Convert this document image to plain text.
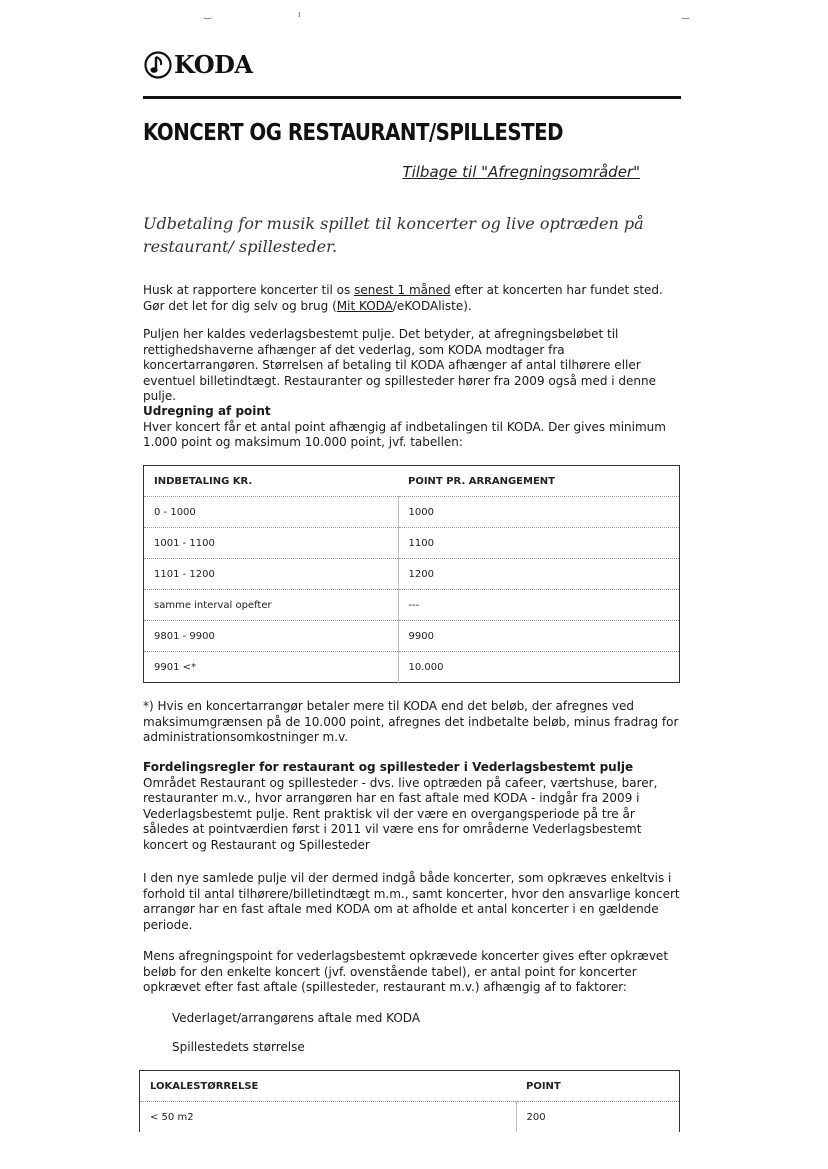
‿	ı	‿
KODA
KONCERT OG RESTAURANT/SPILLESTED
Tilbage til "Afregningsområder"

Udbetaling for musik spillet til koncerter og live optræden på restaurant/ spillesteder.

Husk at rapportere koncerter til os senest 1 måned efter at koncerten har fundet sted. Gør det let for dig selv og brug (Mit KODA/eKODAliste).

Puljen her kaldes vederlagsbestemt pulje. Det betyder, at afregningsbeløbet til rettighedshaverne afhænger af det vederlag, som KODA modtager fra koncertarrangøren. Størrelsen af betaling til KODA afhænger af antal tilhørere eller eventuel billetindtægt. Restauranter og spillesteder hører fra 2009 også med i denne pulje.

Udregning af point

Hver koncert får et antal point afhængig af indbetalingen til KODA. Der gives minimum 1.000 point og maksimum 10.000 point, jvf. tabellen:

INDBETALING KR.	POINT PR. ARRANGEMENT
0 - 1000	1000
1001 - 1100	1100
1101 - 1200	1200
samme interval opefter	---
9801 - 9900	9900
9901 <*	10.000

*) Hvis en koncertarrangør betaler mere til KODA end det beløb, der afregnes ved maksimumgrænsen på de 10.000 point, afregnes det indbetalte beløb, minus fradrag for administrationsomkostninger m.v.

Fordelingsregler for restaurant og spillesteder i Vederlagsbestemt pulje

Området Restaurant og spillesteder - dvs. live optræden på cafeer, værtshuse, barer, restauranter m.v., hvor arrangøren har en fast aftale med KODA - indgår fra 2009 i Vederlagsbestemt pulje. Rent praktisk vil der være en overgangsperiode på tre år således at pointværdien først i 2011 vil være ens for områderne Vederlagsbestemt koncert og Restaurant og Spillesteder

I den nye samlede pulje vil der dermed indgå både koncerter, som opkræves enkeltvis i forhold til antal tilhørere/billetindtægt m.m., samt koncerter, hvor den ansvarlige koncert arrangør har en fast aftale med KODA om at afholde et antal koncerter i en gældende periode.

Mens afregningspoint for vederlagsbestemt opkrævede koncerter gives efter opkrævet beløb for den enkelte koncert (jvf. ovenstående tabel), er antal point for koncerter opkrævet efter fast aftale (spillesteder, restaurant m.v.) afhængig af to faktorer:

Vederlaget/arrangørens aftale med KODA
Spillestedets størrelse
LOKALESTØRRELSE	POINT
< 50 m2	200
